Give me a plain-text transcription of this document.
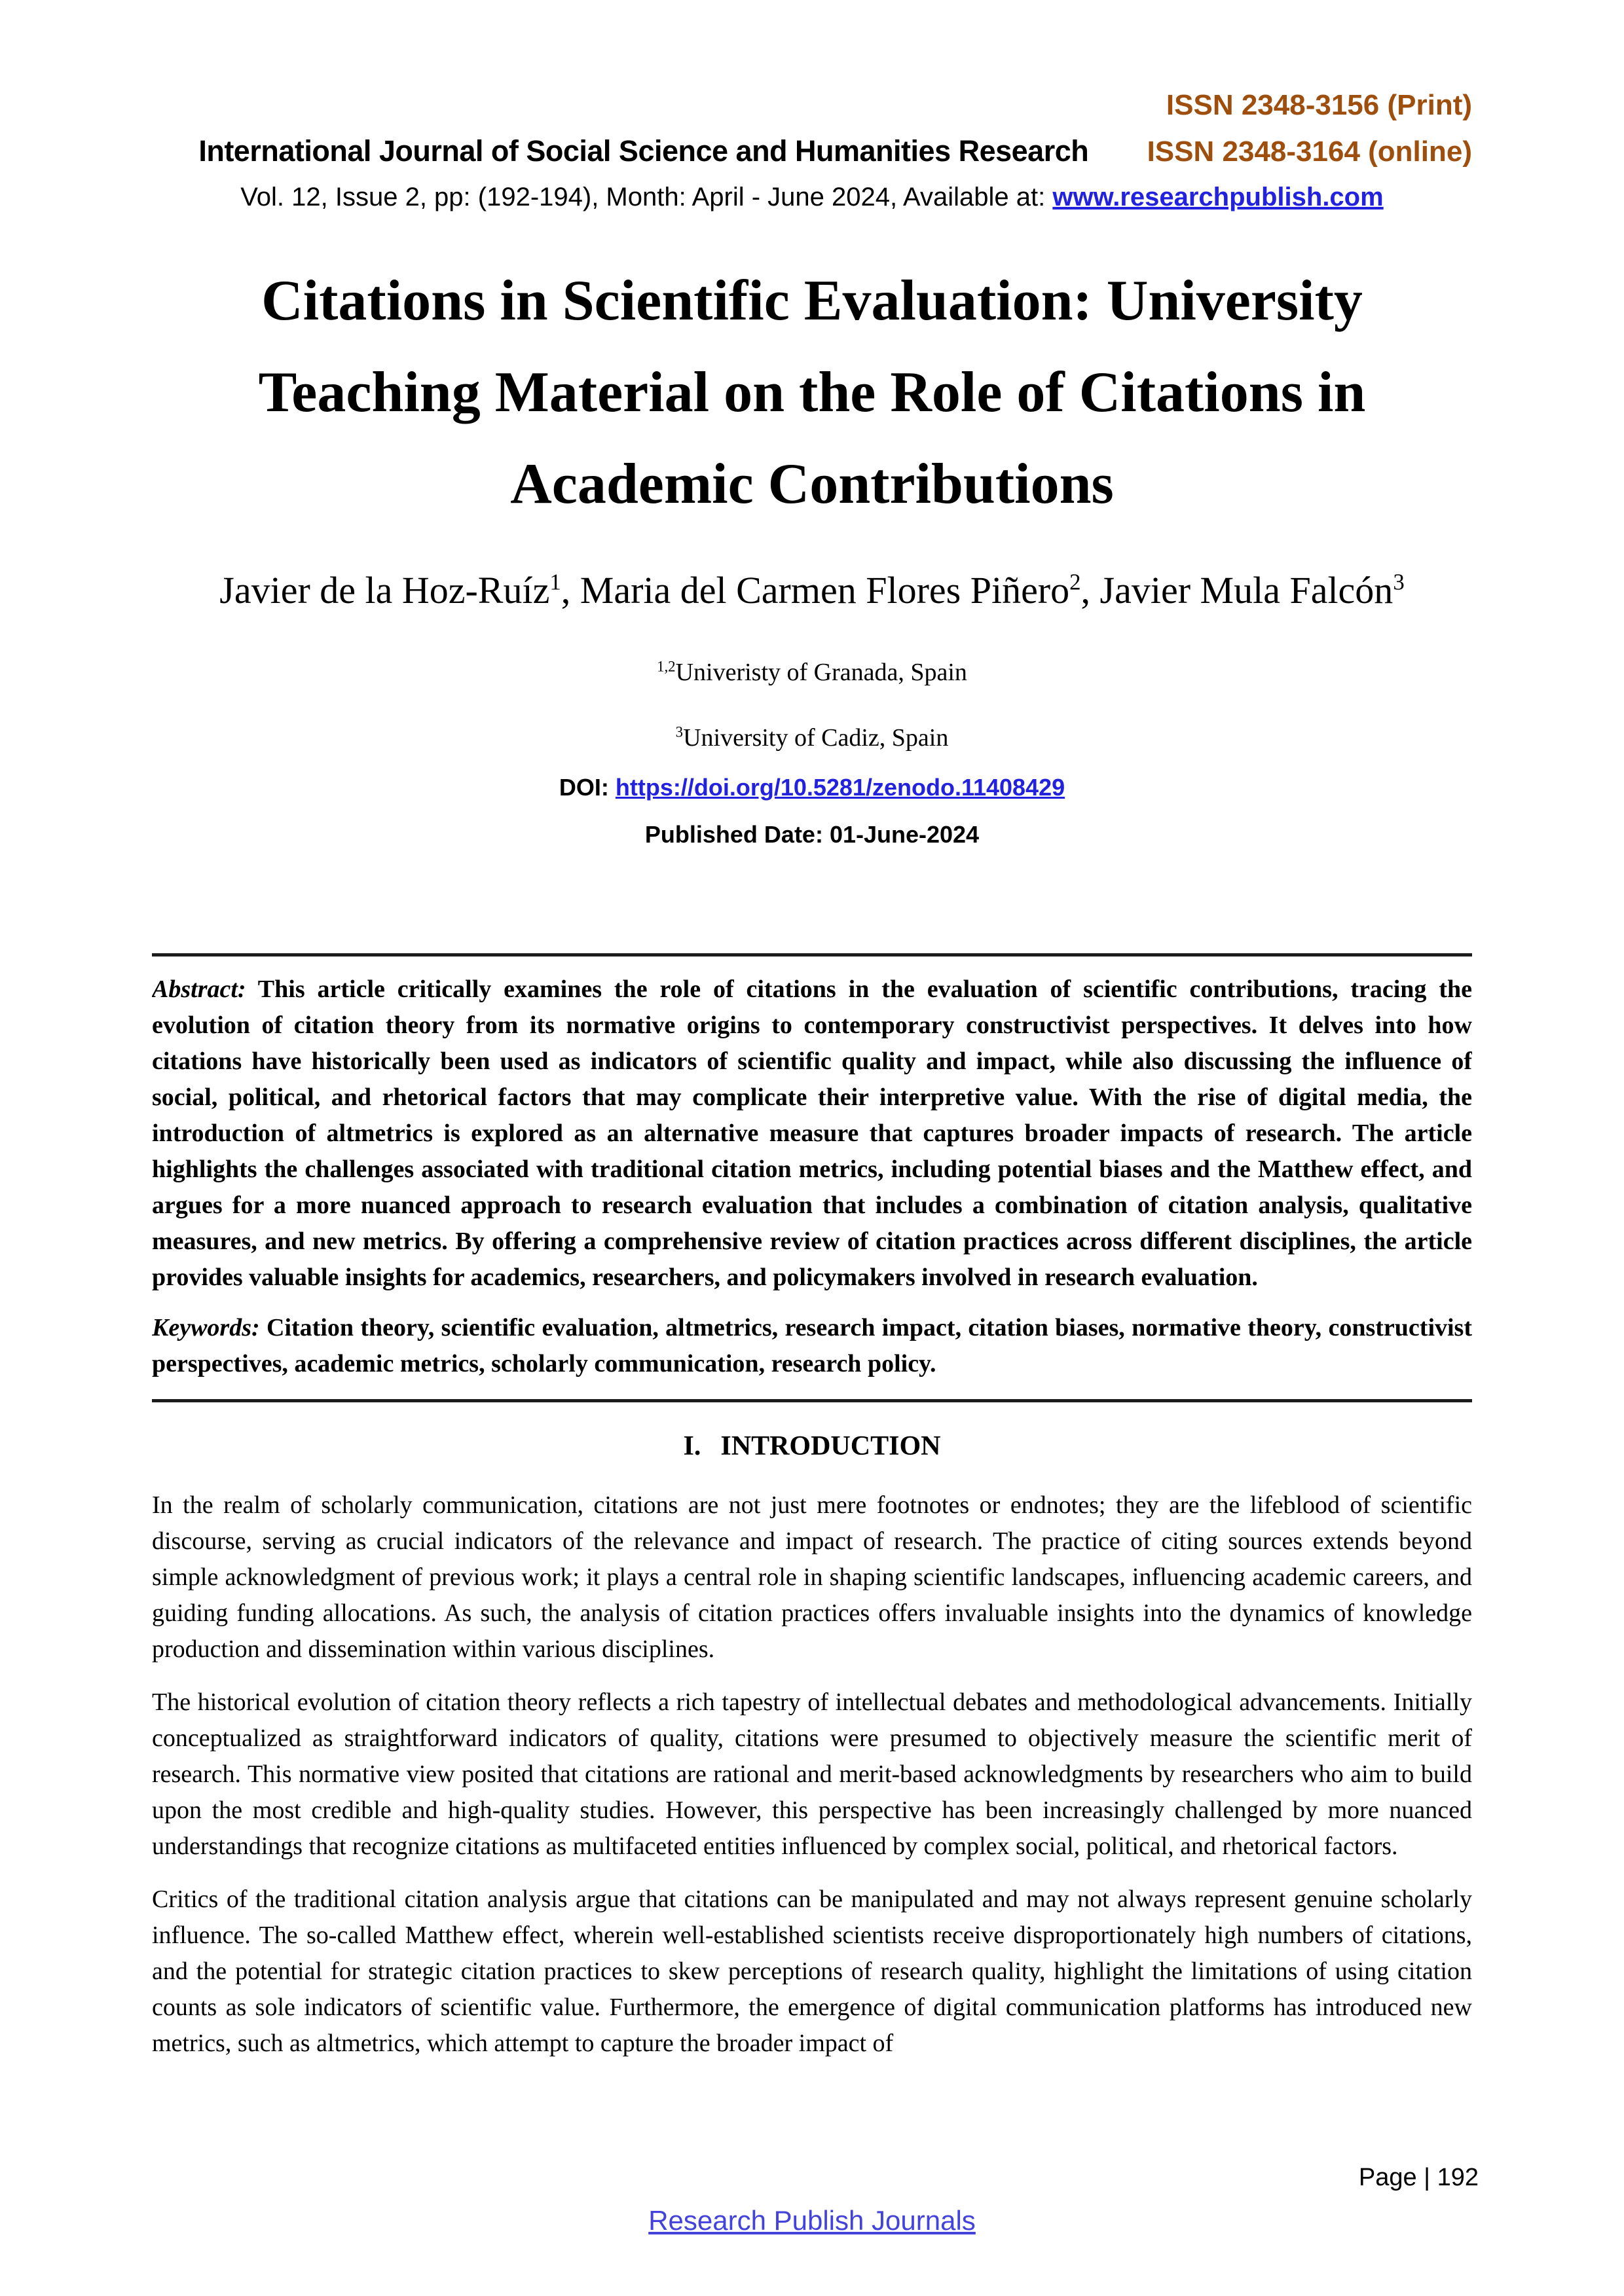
ISSN 2348-3156 (Print)
International Journal of Social Science and Humanities Research	ISSN 2348-3164 (online)
Vol. 12, Issue 2, pp: (192-194), Month: April - June 2024, Available at: www.researchpublish.com
Citations in Scientific Evaluation: University
Teaching Material on the Role of Citations in
Academic Contributions
Javier de la Hoz-Ruíz$^1$, Maria del Carmen Flores Piñero$^2$, Javier Mula Falcón$^3$
$^{1,2}$Univeristy of Granada, Spain
$^3$University of Cadiz, Spain
DOI: https://doi.org/10.5281/zenodo.11408429
Published Date: 01-June-2024

Abstract: This article critically examines the role of citations in the evaluation of scientific contributions, tracing the evolution of citation theory from its normative origins to contemporary constructivist perspectives. It delves into how citations have historically been used as indicators of scientific quality and impact, while also discussing the influence of social, political, and rhetorical factors that may complicate their interpretive value. With the rise of digital media, the introduction of altmetrics is explored as an alternative measure that captures broader impacts of research. The article highlights the challenges associated with traditional citation metrics, including potential biases and the Matthew effect, and argues for a more nuanced approach to research evaluation that includes a combination of citation analysis, qualitative measures, and new metrics. By offering a comprehensive review of citation practices across different disciplines, the article provides valuable insights for academics, researchers, and policymakers involved in research evaluation.

Keywords: Citation theory, scientific evaluation, altmetrics, research impact, citation biases, normative theory, constructivist perspectives, academic metrics, scholarly communication, research policy.

I. INTRODUCTION

In the realm of scholarly communication, citations are not just mere footnotes or endnotes; they are the lifeblood of scientific discourse, serving as crucial indicators of the relevance and impact of research. The practice of citing sources extends beyond simple acknowledgment of previous work; it plays a central role in shaping scientific landscapes, influencing academic careers, and guiding funding allocations. As such, the analysis of citation practices offers invaluable insights into the dynamics of knowledge production and dissemination within various disciplines.

The historical evolution of citation theory reflects a rich tapestry of intellectual debates and methodological advancements. Initially conceptualized as straightforward indicators of quality, citations were presumed to objectively measure the scientific merit of research. This normative view posited that citations are rational and merit-based acknowledgments by researchers who aim to build upon the most credible and high-quality studies. However, this perspective has been increasingly challenged by more nuanced understandings that recognize citations as multifaceted entities influenced by complex social, political, and rhetorical factors.

Critics of the traditional citation analysis argue that citations can be manipulated and may not always represent genuine scholarly influence. The so-called Matthew effect, wherein well-established scientists receive disproportionately high numbers of citations, and the potential for strategic citation practices to skew perceptions of research quality, highlight the limitations of using citation counts as sole indicators of scientific value. Furthermore, the emergence of digital communication platforms has introduced new metrics, such as altmetrics, which attempt to capture the broader impact of

Page | 192
Research Publish Journals
